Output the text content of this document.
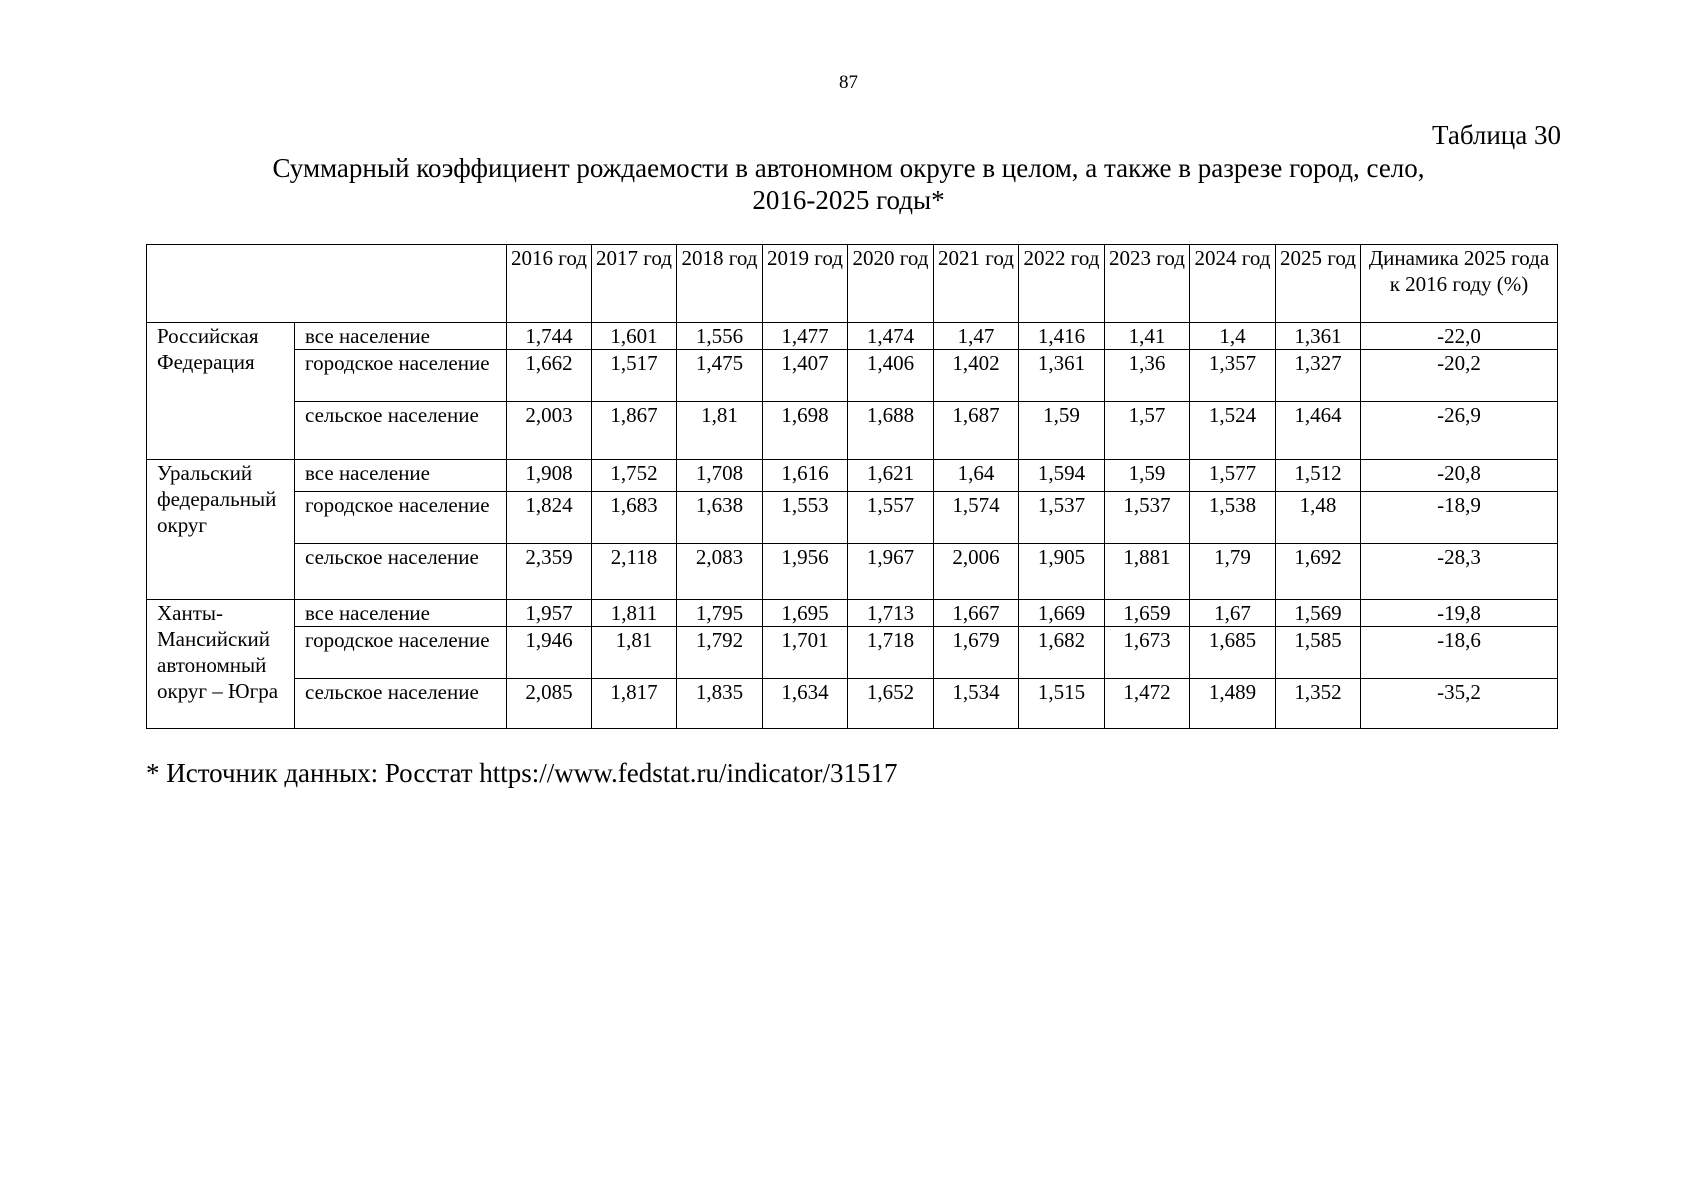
87
Таблица 30
Суммарный коэффициент рождаемости в автономном округе в целом, а также в разрезе город, село,
2016-2025 годы*
		2016 год	2017 год	2018 год	2019 год	2020 год	2021 год	2022 год	2023 год	2024 год	2025 год	Динамика 2025 года к 2016 году (%)
Российская Федерация	все население	1,744	1,601	1,556	1,477	1,474	1,47	1,416	1,41	1,4	1,361	-22,0
	городское население	1,662	1,517	1,475	1,407	1,406	1,402	1,361	1,36	1,357	1,327	-20,2
	сельское население	2,003	1,867	1,81	1,698	1,688	1,687	1,59	1,57	1,524	1,464	-26,9
Уральский федеральный округ	все население	1,908	1,752	1,708	1,616	1,621	1,64	1,594	1,59	1,577	1,512	-20,8
	городское население	1,824	1,683	1,638	1,553	1,557	1,574	1,537	1,537	1,538	1,48	-18,9
	сельское население	2,359	2,118	2,083	1,956	1,967	2,006	1,905	1,881	1,79	1,692	-28,3
Ханты-Мансийский автономный округ – Югра	все население	1,957	1,811	1,795	1,695	1,713	1,667	1,669	1,659	1,67	1,569	-19,8
	городское население	1,946	1,81	1,792	1,701	1,718	1,679	1,682	1,673	1,685	1,585	-18,6
	сельское население	2,085	1,817	1,835	1,634	1,652	1,534	1,515	1,472	1,489	1,352	-35,2
* Источник данных: Росстат https://www.fedstat.ru/indicator/31517
